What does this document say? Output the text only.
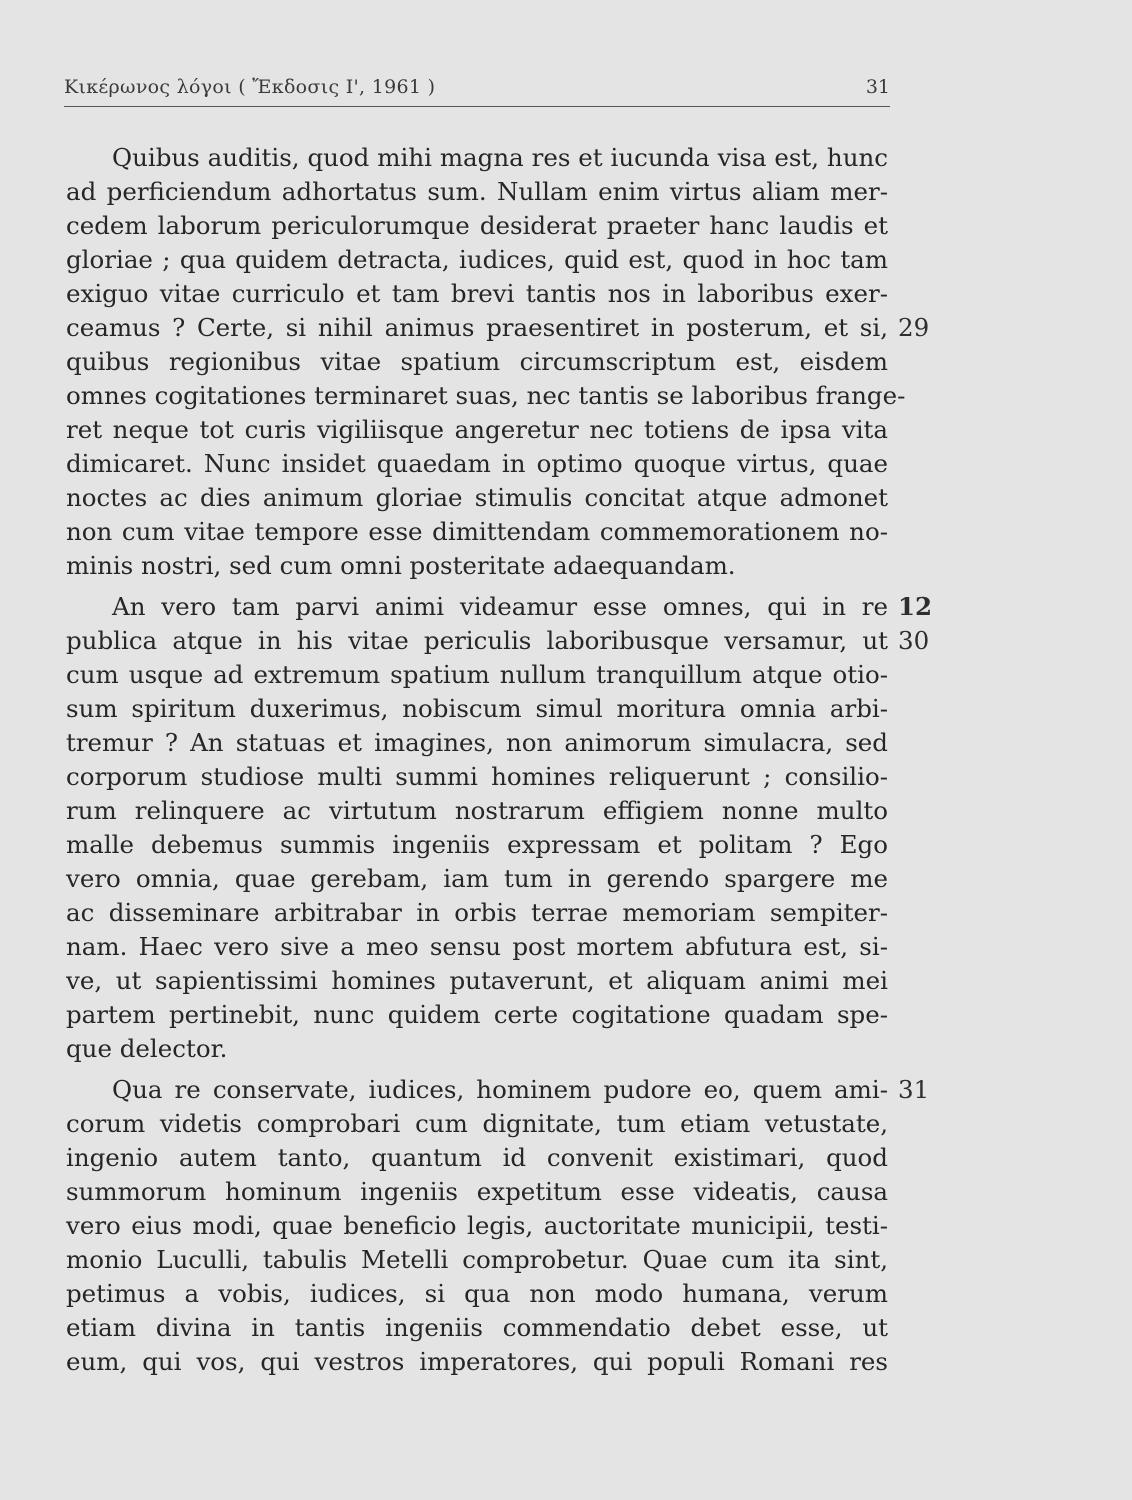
Κικέρωνος λόγοι ( Ἔκδοσις Ι', 1961 )	31
Quibus auditis, quod mihi magna res et iucunda visa est, hunc
ad perficiendum adhortatus sum. Nullam enim virtus aliam mer-
cedem laborum periculorumque desiderat praeter hanc laudis et
gloriae ; qua quidem detracta, iudices, quid est, quod in hoc tam
exiguo vitae curriculo et tam brevi tantis nos in laboribus exer-
ceamus ? Certe, si nihil animus praesentiret in posterum, et si,
quibus regionibus vitae spatium circumscriptum est, eisdem
omnes cogitationes terminaret suas, nec tantis se laboribus frange-
ret neque tot curis vigiliisque angeretur nec totiens de ipsa vita
dimicaret. Nunc insidet quaedam in optimo quoque virtus, quae
noctes ac dies animum gloriae stimulis concitat atque admonet
non cum vitae tempore esse dimittendam commemorationem no-
minis nostri, sed cum omni posteritate adaequandam.
An vero tam parvi animi videamur esse omnes, qui in re
publica atque in his vitae periculis laboribusque versamur, ut
cum usque ad extremum spatium nullum tranquillum atque otio-
sum spiritum duxerimus, nobiscum simul moritura omnia arbi-
tremur ? An statuas et imagines, non animorum simulacra, sed
corporum studiose multi summi homines reliquerunt ; consilio-
rum relinquere ac virtutum nostrarum effigiem nonne multo
malle debemus summis ingeniis expressam et politam ? Ego
vero omnia, quae gerebam, iam tum in gerendo spargere me
ac disseminare arbitrabar in orbis terrae memoriam sempiter-
nam. Haec vero sive a meo sensu post mortem abfutura est, si-
ve, ut sapientissimi homines putaverunt, et aliquam animi mei
partem pertinebit, nunc quidem certe cogitatione quadam spe-
que delector.
Qua re conservate, iudices, hominem pudore eo, quem ami-
corum videtis comprobari cum dignitate, tum etiam vetustate,
ingenio autem tanto, quantum id convenit existimari, quod
summorum hominum ingeniis expetitum esse videatis, causa
vero eius modi, quae beneficio legis, auctoritate municipii, testi-
monio Luculli, tabulis Metelli comprobetur. Quae cum ita sint,
petimus a vobis, iudices, si qua non modo humana, verum
etiam divina in tantis ingeniis commendatio debet esse, ut
eum, qui vos, qui vestros imperatores, qui populi Romani res
29
12
30
31
